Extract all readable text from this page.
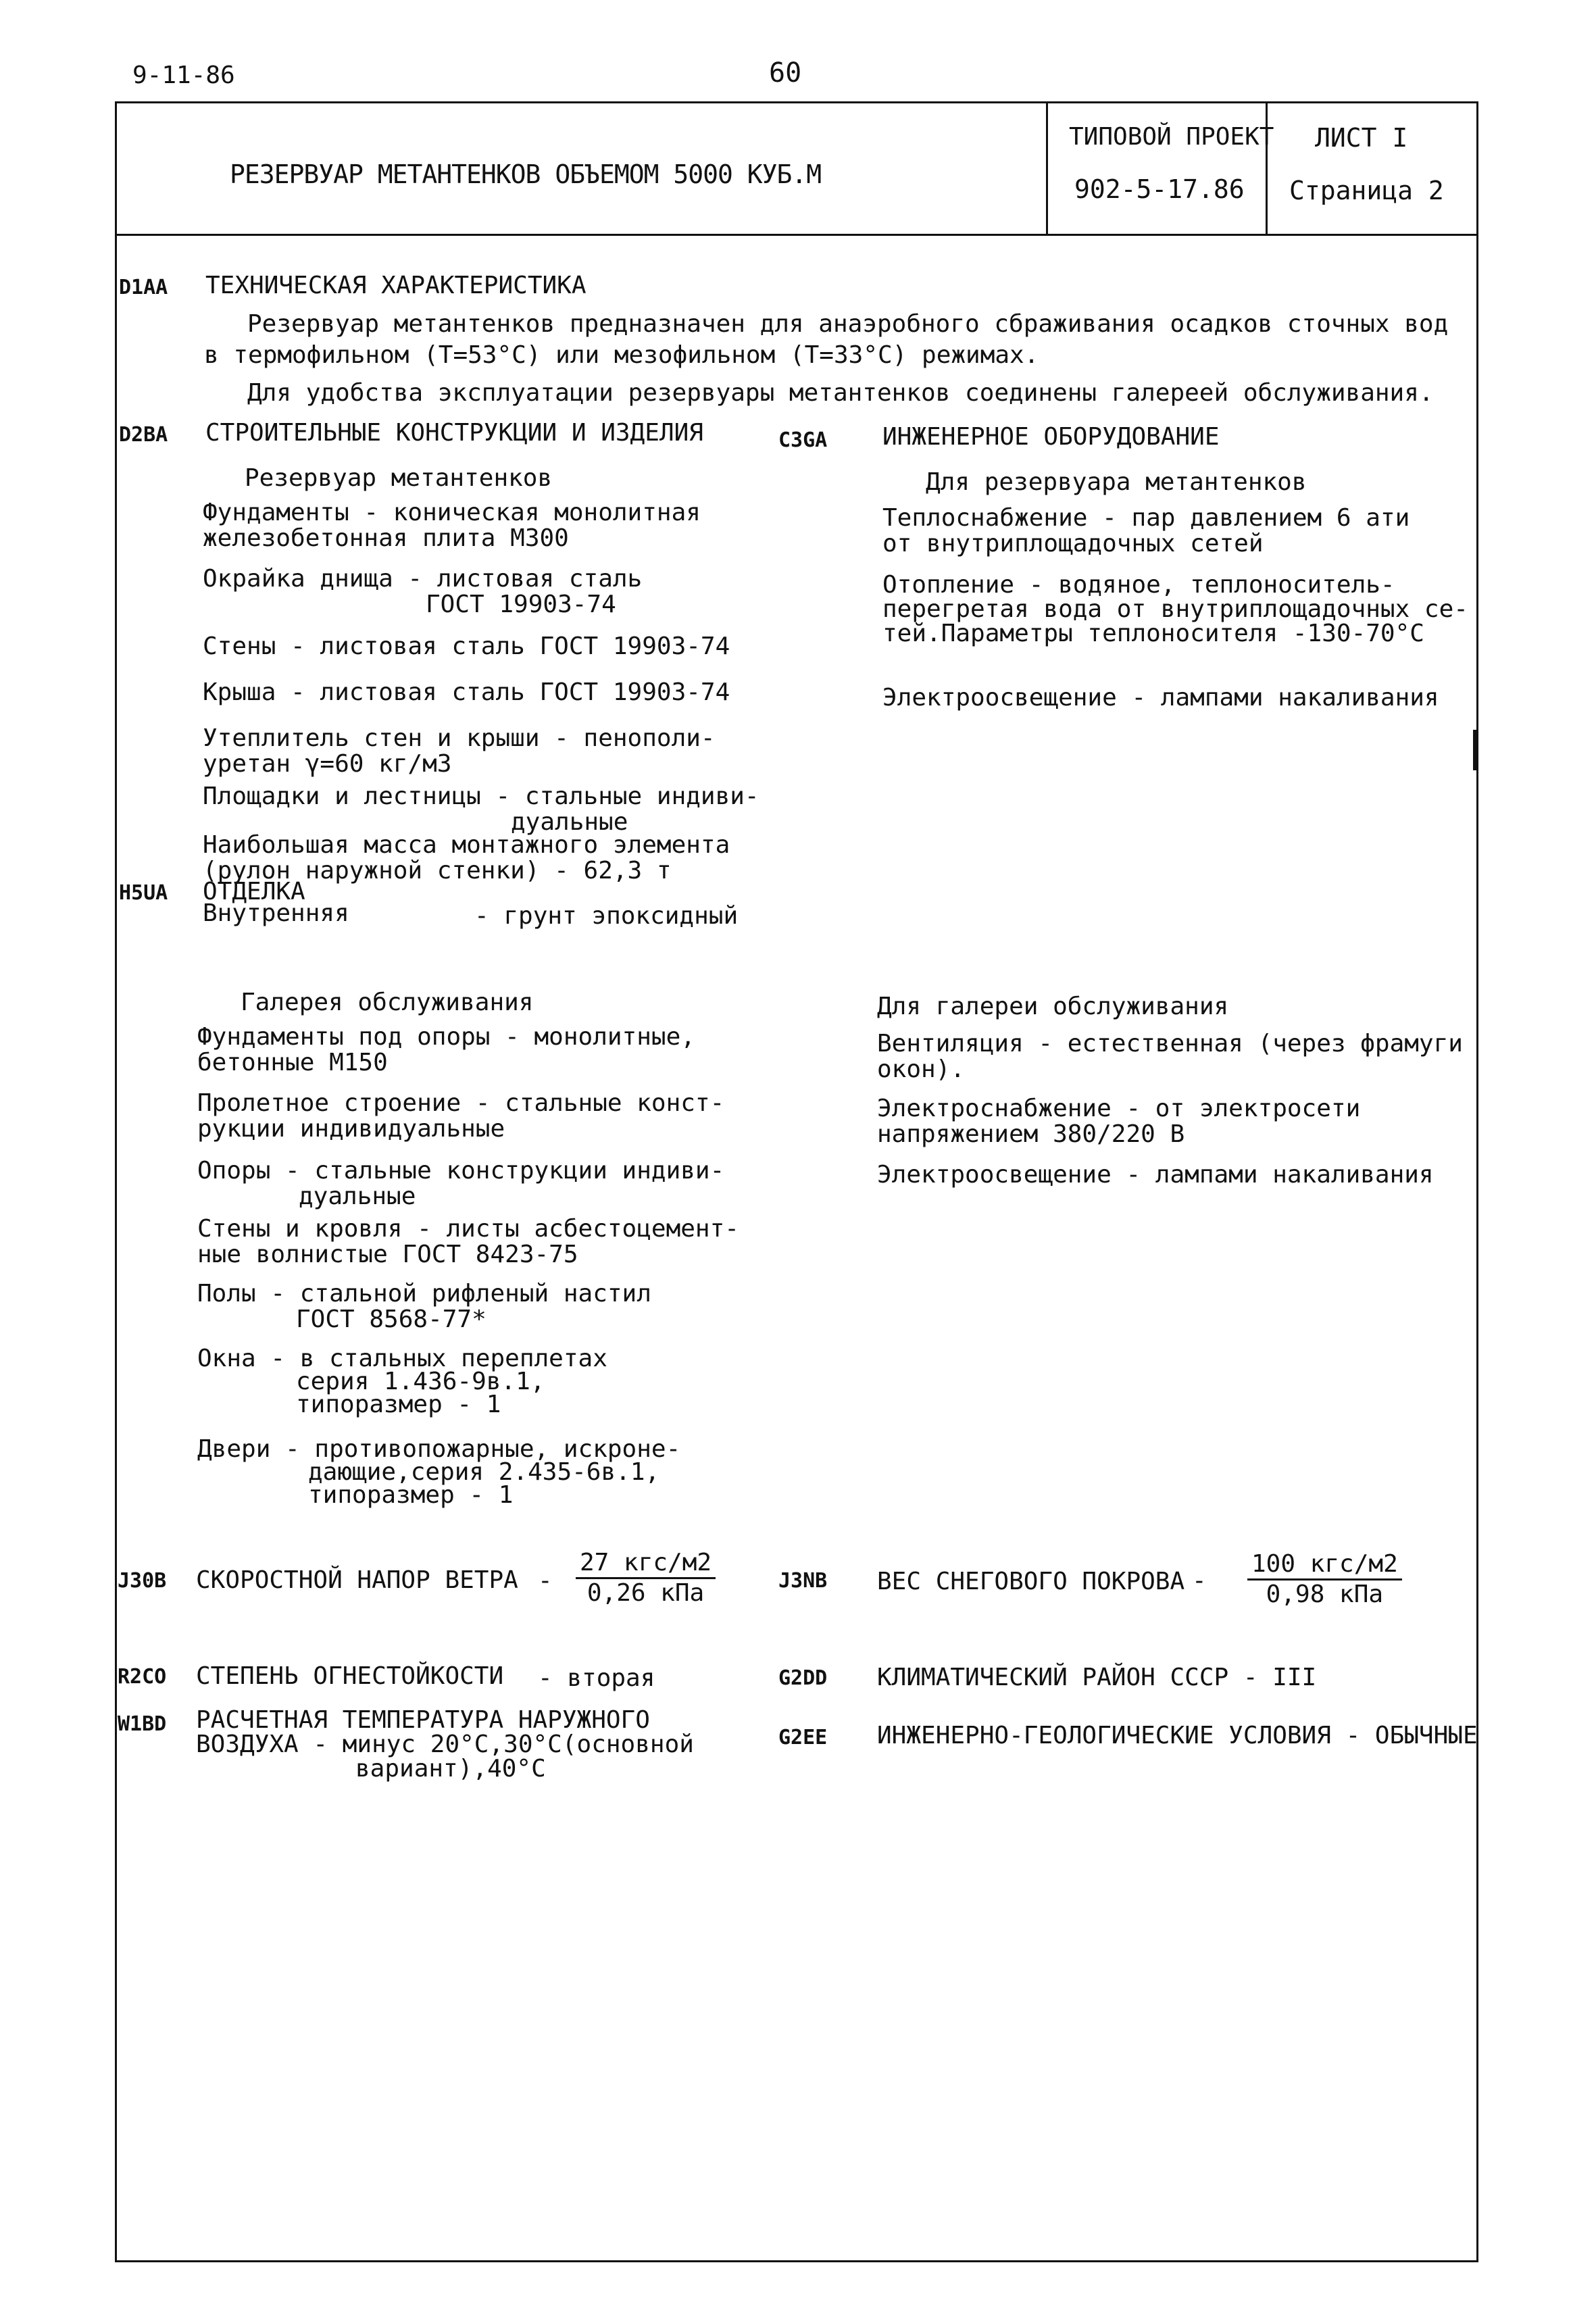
9-11-86	60
РЕЗЕРВУАР МЕТАНТЕНКОВ ОБЪЕМОМ 5000 КУБ.М
ТИПОВОЙ ПРОЕКТ
902-5-17.86
ЛИСТ I
Страница 2
D1AA ТЕХНИЧЕСКАЯ ХАРАКТЕРИСТИКА
Резервуар метантенков предназначен для анаэробного сбраживания осадков сточных вод
в термофильном (Т=53°С) или мезофильном (Т=33°С) режимах.
Для удобства эксплуатации резервуары метантенков соединены галереей обслуживания.
D2BA СТРОИТЕЛЬНЫЕ КОНСТРУКЦИИ И ИЗДЕЛИЯ
Резервуар метантенков
Фундаменты - коническая монолитная
железобетонная плита М300
Окрайка днища - листовая сталь
ГОСТ 19903-74
Стены - листовая сталь ГОСТ 19903-74
Крыша - листовая сталь ГОСТ 19903-74
Утеплитель стен и крыши - пенополи-
уретан γ=60 кг/м3
Площадки и лестницы - стальные индиви-
дуальные
Наибольшая масса монтажного элемента
(рулон наружной стенки) - 62,3 т
H5UA ОТДЕЛКА
Внутренняя	- грунт эпоксидный
C3GA ИНЖЕНЕРНОЕ ОБОРУДОВАНИЕ
Для резервуара метантенков
Теплоснабжение - пар давлением 6 ати
от внутриплощадочных сетей
Отопление - водяное, теплоноситель-
перегретая вода от внутриплощадочных се-
тей.Параметры теплоносителя -130-70°С
Электроосвещение - лампами накаливания
Галерея обслуживания
Фундаменты под опоры - монолитные,
бетонные М150
Пролетное строение - стальные конст-
рукции индивидуальные
Опоры - стальные конструкции индиви-
дуальные
Стены и кровля - листы асбестоцемент-
ные волнистые ГОСТ 8423-75
Полы - стальной рифленый настил
ГОСТ 8568-77*
Окна - в стальных переплетах
серия 1.436-9в.1,
типоразмер - 1
Двери - противопожарные, искроне-
дающие,серия 2.435-6в.1,
типоразмер - 1
Для галереи обслуживания
Вентиляция - естественная (через фрамуги
окон).
Электроснабжение - от электросети
напряжением 380/220 В
Электроосвещение - лампами накаливания
J30B СКОРОСТНОЙ НАПОР ВЕТРА -
27 кгс/м2
0,26 кПа	J3NB ВЕС СНЕГОВОГО ПОКРОВА -
100 кгс/м2
0,98 кПа
R2CO СТЕПЕНЬ ОГНЕСТОЙКОСТИ - вторая	G2DD КЛИМАТИЧЕСКИЙ РАЙОН СССР - III
W1BD РАСЧЕТНАЯ ТЕМПЕРАТУРА НАРУЖНОГО
ВОЗДУХА - минус 20°С,30°С(основной
вариант),40°С
G2EE ИНЖЕНЕРНО-ГЕОЛОГИЧЕСКИЕ УСЛОВИЯ - ОБЫЧНЫЕ
